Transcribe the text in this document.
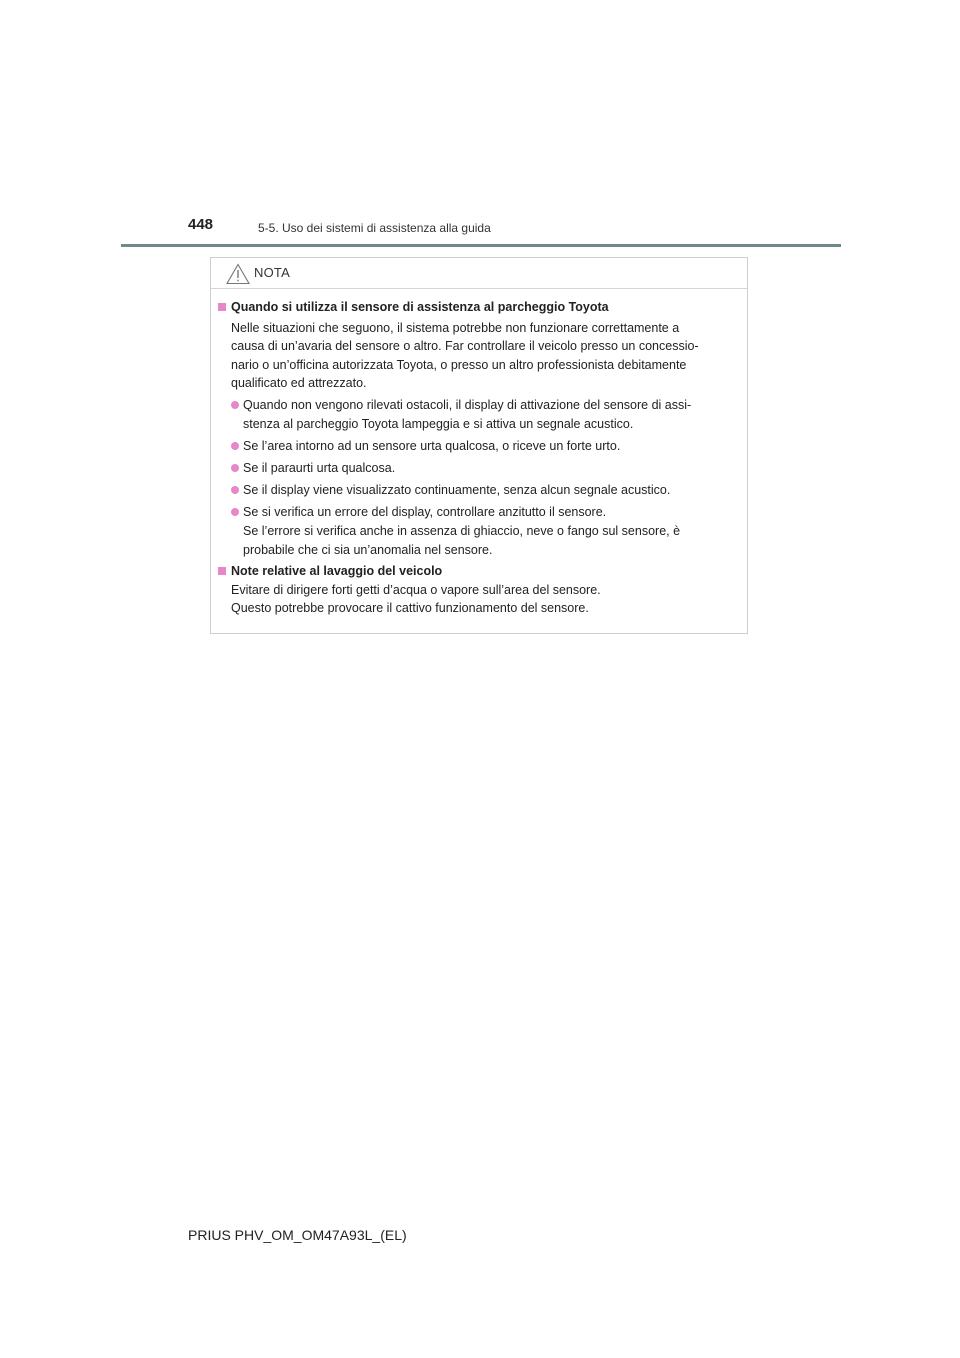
448	5-5. Uso dei sistemi di assistenza alla guida
NOTA

Quando si utilizza il sensore di assistenza al parcheggio Toyota

Nelle situazioni che seguono, il sistema potrebbe non funzionare correttamente a
causa di un’avaria del sensore o altro. Far controllare il veicolo presso un concessio-
nario o un’officina autorizzata Toyota, o presso un altro professionista debitamente
qualificato ed attrezzato.

Quando non vengono rilevati ostacoli, il display di attivazione del sensore di assi-
stenza al parcheggio Toyota lampeggia e si attiva un segnale acustico.
Se l’area intorno ad un sensore urta qualcosa, o riceve un forte urto.
Se il paraurti urta qualcosa.
Se il display viene visualizzato continuamente, senza alcun segnale acustico.
Se si verifica un errore del display, controllare anzitutto il sensore.
Se l’errore si verifica anche in assenza di ghiaccio, neve o fango sul sensore, è
probabile che ci sia un’anomalia nel sensore.

Note relative al lavaggio del veicolo

Evitare di dirigere forti getti d’acqua o vapore sull’area del sensore.
Questo potrebbe provocare il cattivo funzionamento del sensore.

PRIUS PHV_OM_OM47A93L_(EL)
